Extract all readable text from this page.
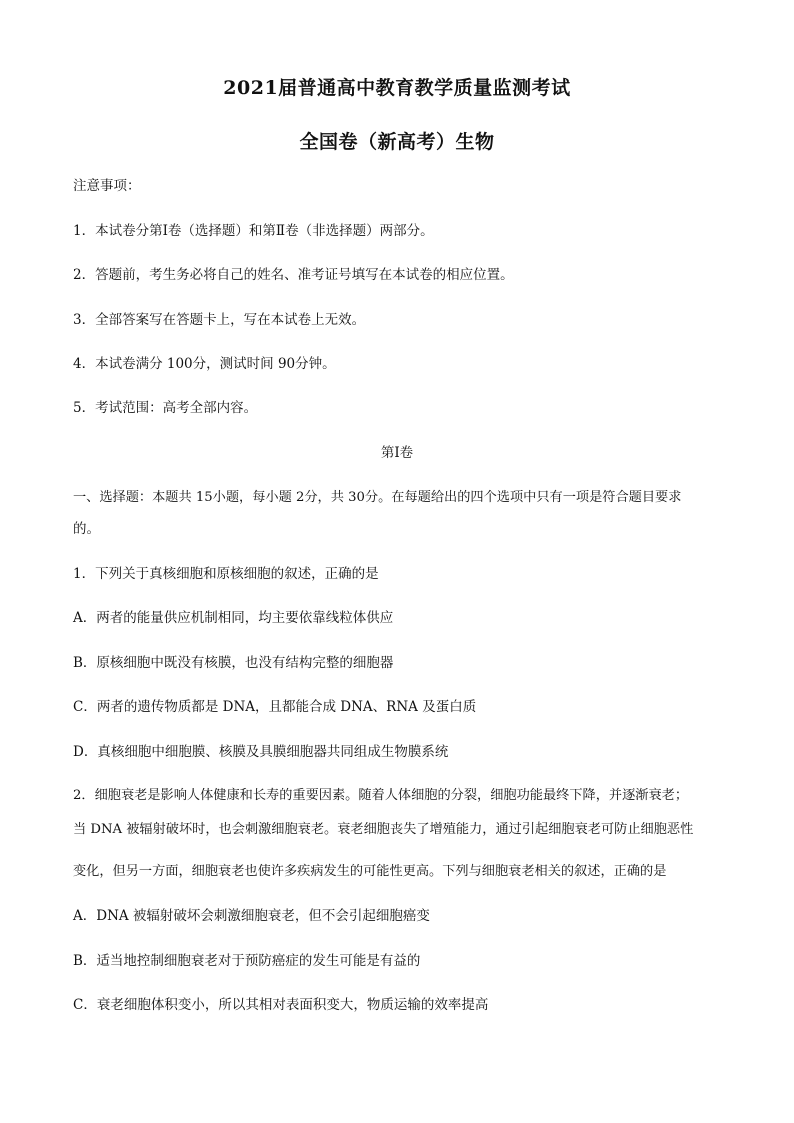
2021届普通高中教育教学质量监测考试
全国卷（新高考）生物
注意事项：
1．本试卷分第Ⅰ卷（选择题）和第Ⅱ卷（非选择题）两部分。
2．答题前，考生务必将自己的姓名、准考证号填写在本试卷的相应位置。
3．全部答案写在答题卡上，写在本试卷上无效。
4．本试卷满分 100分，测试时间 90分钟。
5．考试范围：高考全部内容。
第Ⅰ卷
一、选择题：本题共 15小题，每小题 2分，共 30分。在每题给出的四个选项中只有一项是符合题目要求
的。
1．下列关于真核细胞和原核细胞的叙述，正确的是
A．两者的能量供应机制相同，均主要依靠线粒体供应
B．原核细胞中既没有核膜，也没有结构完整的细胞器
C．两者的遗传物质都是 DNA，且都能合成 DNA、RNA 及蛋白质
D．真核细胞中细胞膜、核膜及具膜细胞器共同组成生物膜系统
2．细胞衰老是影响人体健康和长寿的重要因素。随着人体细胞的分裂，细胞功能最终下降，并逐渐衰老；
当 DNA 被辐射破坏时，也会刺激细胞衰老。衰老细胞丧失了增殖能力，通过引起细胞衰老可防止细胞恶性
变化，但另一方面，细胞衰老也使许多疾病发生的可能性更高。下列与细胞衰老相关的叙述，正确的是
A．DNA 被辐射破坏会刺激细胞衰老，但不会引起细胞癌变
B．适当地控制细胞衰老对于预防癌症的发生可能是有益的
C．衰老细胞体积变小，所以其相对表面积变大，物质运输的效率提高
